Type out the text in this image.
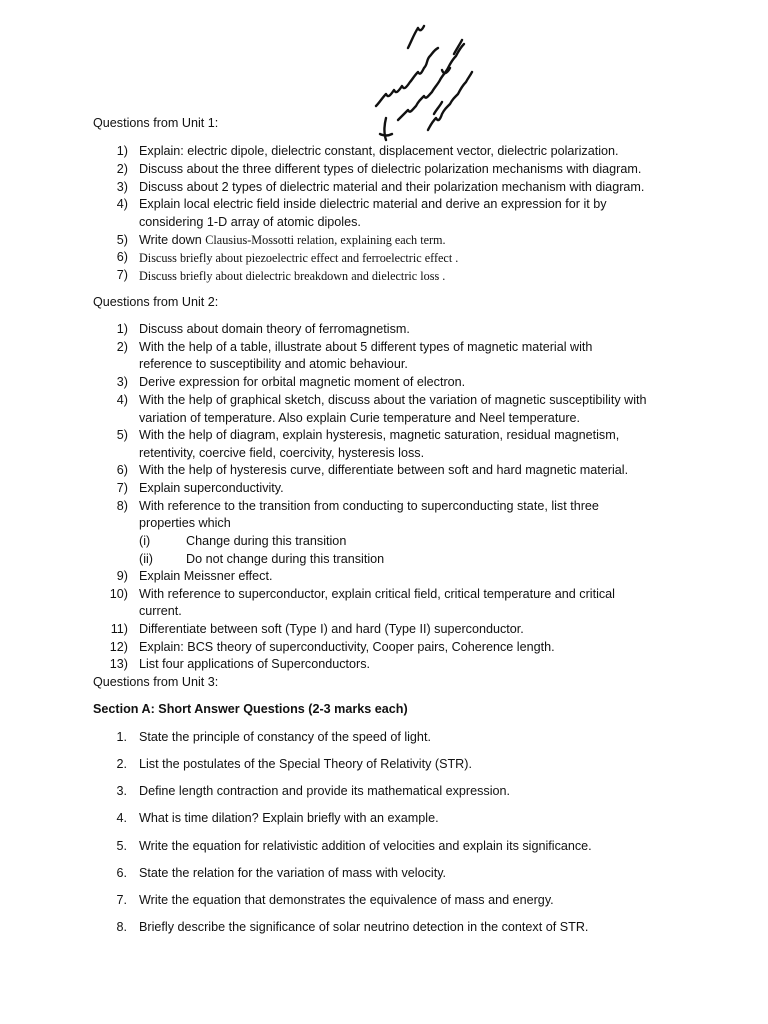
Questions from Unit 1:
1) Explain: electric dipole, dielectric constant, displacement vector, dielectric polarization.
2) Discuss about the three different types of dielectric polarization mechanisms with diagram.
3) Discuss about 2 types of dielectric material and their polarization mechanism with diagram.
4) Explain local electric field inside dielectric material and derive an expression for it by
considering 1-D array of atomic dipoles.
5) Write down Clausius-Mossotti relation, explaining each term.
6) Discuss briefly about piezoelectric effect and ferroelectric effect .
7) Discuss briefly about dielectric breakdown and dielectric loss .
Questions from Unit 2:
1) Discuss about domain theory of ferromagnetism.
2) With the help of a table, illustrate about 5 different types of magnetic material with
reference to susceptibility and atomic behaviour.
3) Derive expression for orbital magnetic moment of electron.
4) With the help of graphical sketch, discuss about the variation of magnetic susceptibility with
variation of temperature. Also explain Curie temperature and Neel temperature.
5) With the help of diagram, explain hysteresis, magnetic saturation, residual magnetism,
retentivity, coercive field, coercivity, hysteresis loss.
6) With the help of hysteresis curve, differentiate between soft and hard magnetic material.
7) Explain superconductivity.
8) With reference to the transition from conducting to superconducting state, list three
properties which
(i)	Change during this transition
(ii)	Do not change during this transition
9) Explain Meissner effect.
10) With reference to superconductor, explain critical field, critical temperature and critical
current.
11) Differentiate between soft (Type I) and hard (Type II) superconductor.
12) Explain: BCS theory of superconductivity, Cooper pairs, Coherence length.
13) List four applications of Superconductors.
Questions from Unit 3:
Section A: Short Answer Questions (2-3 marks each)
1. State the principle of constancy of the speed of light.
2. List the postulates of the Special Theory of Relativity (STR).
3. Define length contraction and provide its mathematical expression.
4. What is time dilation? Explain briefly with an example.
5. Write the equation for relativistic addition of velocities and explain its significance.
6. State the relation for the variation of mass with velocity.
7. Write the equation that demonstrates the equivalence of mass and energy.
8. Briefly describe the significance of solar neutrino detection in the context of STR.
